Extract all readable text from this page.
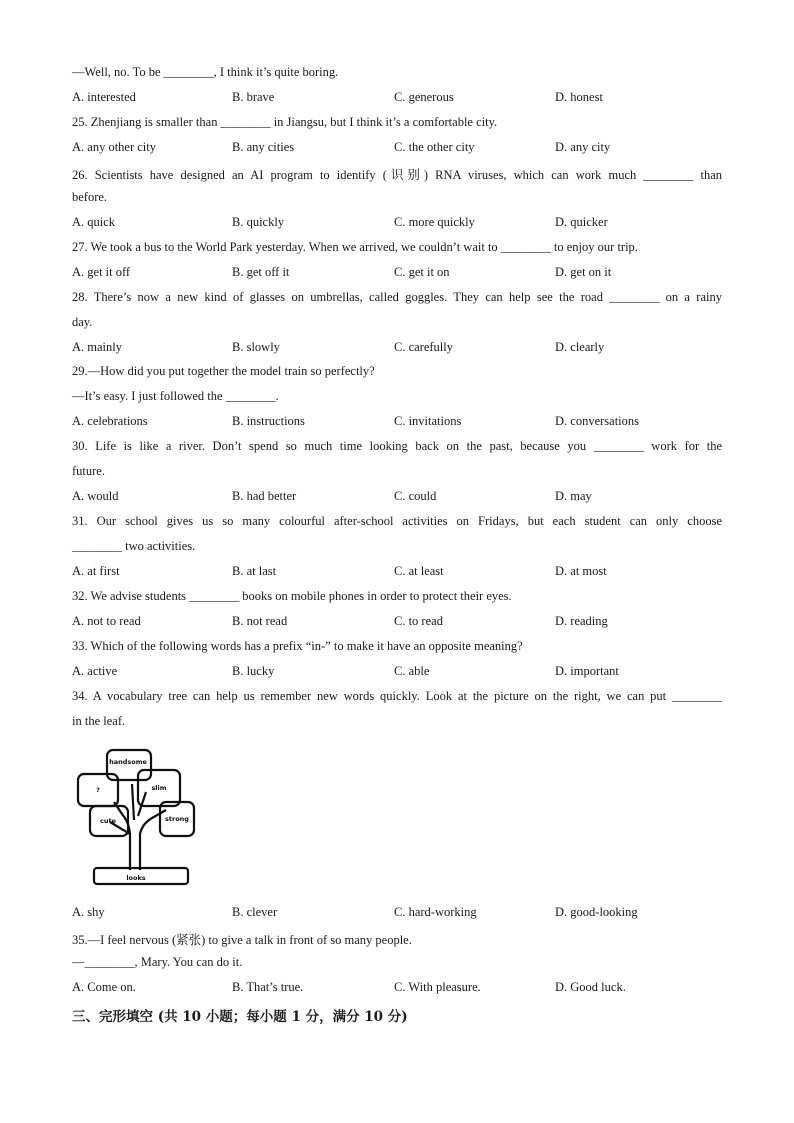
—Well, no. To be ________, I think it’s quite boring.
A. interested	B. brave	C. generous	D. honest
25. Zhenjiang is smaller than ________ in Jiangsu, but I think it’s a comfortable city.
A. any other city	B. any cities	C. the other city	D. any city
26. Scientists have designed an AI program to identify (识别) RNA viruses, which can work much ________ than
before.
A. quick	B. quickly	C. more quickly	D. quicker
27. We took a bus to the World Park yesterday. When we arrived, we couldn’t wait to ________ to enjoy our trip.
A. get it off	B. get off it	C. get it on	D. get on it
28. There’s now a new kind of glasses on umbrellas, called goggles. They can help see the road ________ on a rainy
day.
A. mainly	B. slowly	C. carefully	D. clearly
29.—How did you put together the model train so perfectly?
—It’s easy. I just followed the ________.
A. celebrations	B. instructions	C. invitations	D. conversations
30. Life is like a river. Don’t spend so much time looking back on the past, because you ________ work for the
future.
A. would	B. had better	C. could	D. may
31. Our school gives us so many colourful after-school activities on Fridays, but each student can only choose
________ two activities.
A. at first	B. at last	C. at least	D. at most
32. We advise students ________ books on mobile phones in order to protect their eyes.
A. not to read	B. not read	C. to read	D. reading
33. Which of the following words has a prefix “in-” to make it have an opposite meaning?
A. active	B. lucky	C. able	D. important
34. A vocabulary tree can help us remember new words quickly. Look at the picture on the right, we can put ________
in the leaf.
looks
handsome
?	slim
cute	strong
A. shy	B. clever	C. hard-working	D. good-looking
35.—I feel nervous (紧张) to give a talk in front of so many people.
—________, Mary. You can do it.
A. Come on.	B. That’s true.	C. With pleasure.	D. Good luck.
三、完形填空 (共 10 小题；每小题 1 分，满分 10 分)
